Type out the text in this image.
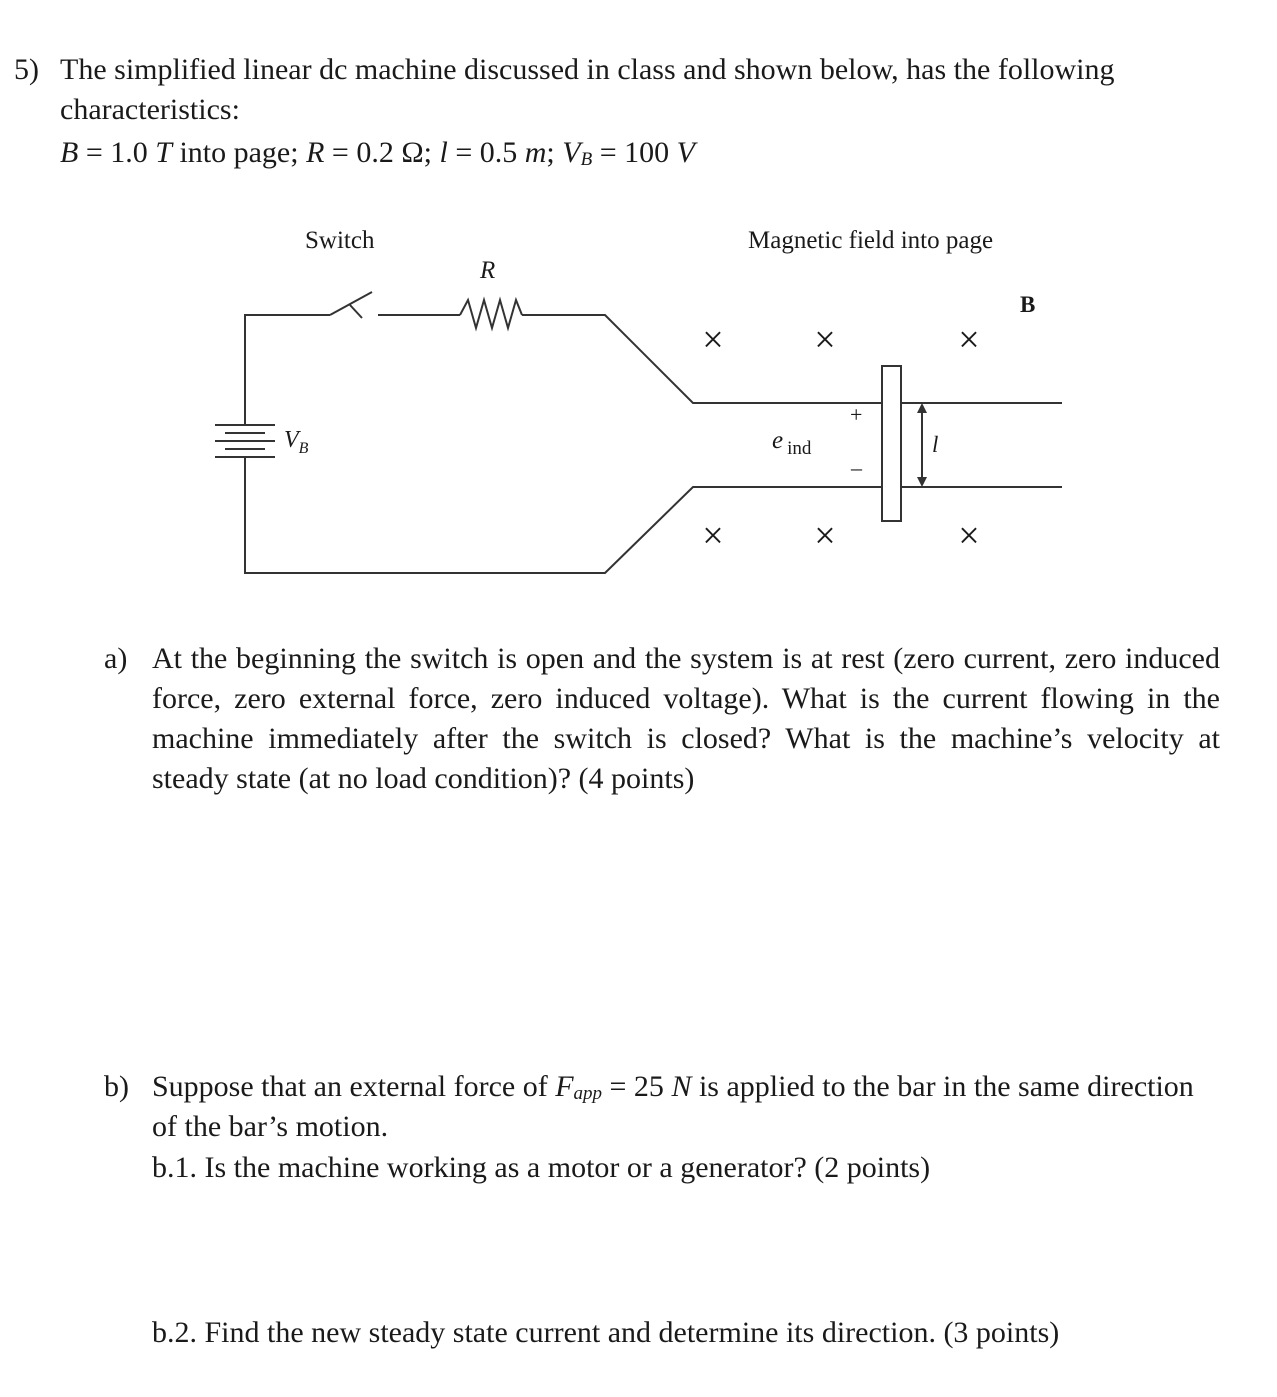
5) The simplified linear dc machine discussed in class and shown below, has the following
characteristics:
B = 1.0 T into page; R = 0.2 Ω; l = 0.5 m; $V_B = 100$ V
× ×	×
× ×	×
Switch
R
Magnetic field into page
B
$V_B$	e $_{ind}$
+
–
l
a) At the beginning the switch is open and the system is at rest (zero current, zero induced
force, zero external force, zero induced voltage). What is the current flowing in the
machine immediately after the switch is closed? What is the machine’s velocity at
steady state (at no load condition)? (4 points)
b) Suppose that an external force of $F_{app} = 25$ N is applied to the bar in the same direction
of the bar’s motion.
b.1. Is the machine working as a motor or a generator? (2 points)
b.2. Find the new steady state current and determine its direction. (3 points)
